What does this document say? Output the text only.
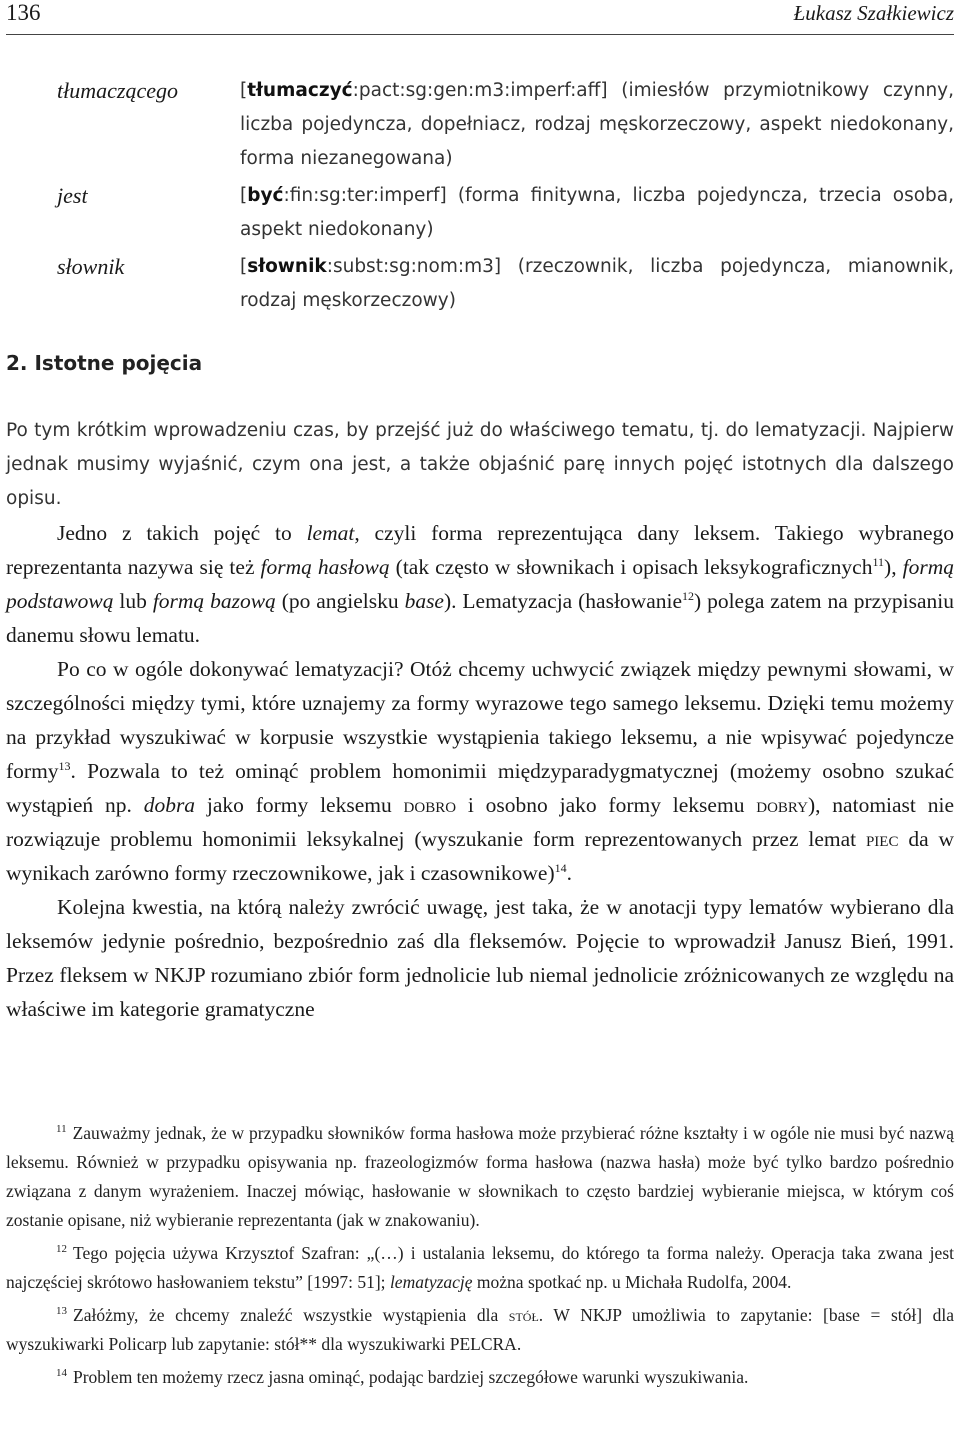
136	Łukasz Szałkiewicz
tłumaczącego	[tłumaczyć:pact:sg:gen:m3:imperf:aff] (imiesłów przymiotnikowy czynny, liczba pojedyncza, dopełniacz, rodzaj męskorzeczowy, aspekt niedokonany, forma niezanegowana)
jest	[być:fin:sg:ter:imperf] (forma finitywna, liczba pojedyncza, trzecia osoba, aspekt niedokonany)
słownik	[słownik:subst:sg:nom:m3] (rzeczownik, liczba pojedyncza, mianownik, rodzaj męskorzeczowy)
2. Istotne pojęcia

Po tym krótkim wprowadzeniu czas, by przejść już do właściwego tematu, tj. do lematyzacji. Najpierw jednak musimy wyjaśnić, czym ona jest, a także objaśnić parę innych pojęć istotnych dla dalszego opisu.

Jedno z takich pojęć to lemat, czyli forma reprezentująca dany leksem. Takiego wybranego reprezentanta nazywa się też formą hasłową (tak często w słownikach i opisach leksykograficznych$^{11}$), formą podstawową lub formą bazową (po angielsku base). Lematyzacja (hasłowanie$^{12}$) polega zatem na przypisaniu danemu słowu lematu.

Po co w ogóle dokonywać lematyzacji? Otóż chcemy uchwycić związek między pewnymi słowami, w szczególności między tymi, które uznajemy za formy wyrazowe tego samego leksemu. Dzięki temu możemy na przykład wyszukiwać w korpusie wszystkie wystąpienia takiego leksemu, a nie wpisywać pojedyncze formy$^{13}$. Pozwala to też ominąć problem homonimii międzyparadygmatycznej (możemy osobno szukać wystąpień np. dobra jako formy leksemu dobro i osobno jako formy leksemu dobry), natomiast nie rozwiązuje problemu homonimii leksykalnej (wyszukanie form reprezentowanych przez lemat piec da w wynikach zarówno formy rzeczownikowe, jak i czasownikowe)$^{14}$.

Kolejna kwestia, na którą należy zwrócić uwagę, jest taka, że w anotacji typy lematów wybierano dla leksemów jedynie pośrednio, bezpośrednio zaś dla fleksemów. Pojęcie to wprowadził Janusz Bień, 1991. Przez fleksem w NKJP rozumiano zbiór form jednolicie lub niemal jednolicie zróżnicowanych ze względu na właściwe im kategorie gramatyczne

$^{11}$ Zauważmy jednak, że w przypadku słowników forma hasłowa może przybierać różne kształty i w ogóle nie musi być nazwą leksemu. Również w przypadku opisywania np. frazeologizmów forma hasłowa (nazwa hasła) może być tylko bardzo pośrednio związana z danym wyrażeniem. Inaczej mówiąc, hasłowanie w słownikach to często bardziej wybieranie miejsca, w którym coś zostanie opisane, niż wybieranie reprezentanta (jak w znakowaniu).

$^{12}$ Tego pojęcia używa Krzysztof Szafran: „(…) i ustalania leksemu, do którego ta forma należy. Operacja taka zwana jest najczęściej skrótowo hasłowaniem tekstu” [1997: 51]; lematyzację można spotkać np. u Michała Rudolfa, 2004.

$^{13}$ Załóżmy, że chcemy znaleźć wszystkie wystąpienia dla stół. W NKJP umożliwia to zapytanie: [base = stół] dla wyszukiwarki Policarp lub zapytanie: stół** dla wyszukiwarki PELCRA.

$^{14}$ Problem ten możemy rzecz jasna ominąć, podając bardziej szczegółowe warunki wyszukiwania.
